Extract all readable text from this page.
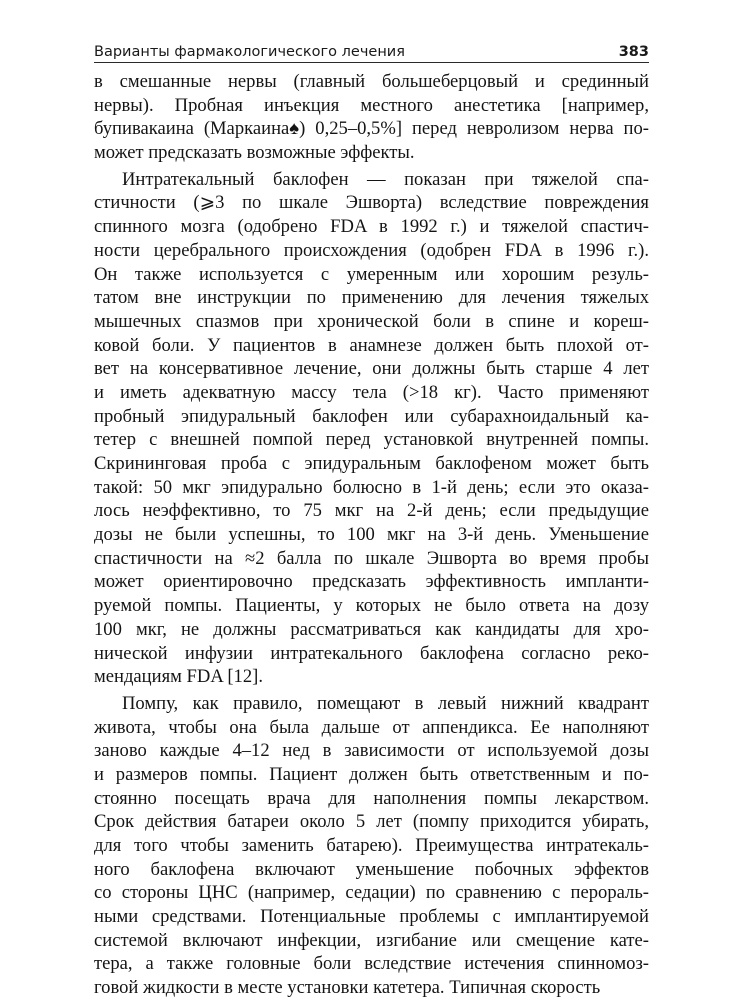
Варианты фармакологического лечения	383
в смешанные нервы (главный большеберцовый и срединный
нервы). Пробная инъекция местного анестетика [например,
бупивакаина (Маркаина♠) 0,25–0,5%] перед невролизом нерва по-
может предсказать возможные эффекты.
Интратекальный баклофен — показан при тяжелой спа-
стичности (⩾3 по шкале Эшворта) вследствие повреждения
спинного мозга (одобрено FDA в 1992 г.) и тяжелой спастич-
ности церебрального происхождения (одобрен FDA в 1996 г.).
Он также используется с умеренным или хорошим резуль-
татом вне инструкции по применению для лечения тяжелых
мышечных спазмов при хронической боли в спине и кореш-
ковой боли. У пациентов в анамнезе должен быть плохой от-
вет на консервативное лечение, они должны быть старше 4 лет
и иметь адекватную массу тела (>18 кг). Часто применяют
пробный эпидуральный баклофен или субарахноидальный ка-
тетер с внешней помпой перед установкой внутренней помпы.
Скрининговая проба с эпидуральным баклофеном может быть
такой: 50 мкг эпидурально болюсно в 1-й день; если это оказа-
лось неэффективно, то 75 мкг на 2-й день; если предыдущие
дозы не были успешны, то 100 мкг на 3-й день. Уменьшение
спастичности на ≈2 балла по шкале Эшворта во время пробы
может ориентировочно предсказать эффективность импланти-
руемой помпы. Пациенты, у которых не было ответа на дозу
100 мкг, не должны рассматриваться как кандидаты для хро-
нической инфузии интратекального баклофена согласно реко-
мендациям FDA [12].
Помпу, как правило, помещают в левый нижний квадрант
живота, чтобы она была дальше от аппендикса. Ее наполняют
заново каждые 4–12 нед в зависимости от используемой дозы
и размеров помпы. Пациент должен быть ответственным и по-
стоянно посещать врача для наполнения помпы лекарством.
Срок действия батареи около 5 лет (помпу приходится убирать,
для того чтобы заменить батарею). Преимущества интратекаль-
ного баклофена включают уменьшение побочных эффектов
со стороны ЦНС (например, седации) по сравнению с перораль-
ными средствами. Потенциальные проблемы с имплантируемой
системой включают инфекции, изгибание или смещение кате-
тера, а также головные боли вследствие истечения спинномоз-
говой жидкости в месте установки катетера. Типичная скорость
